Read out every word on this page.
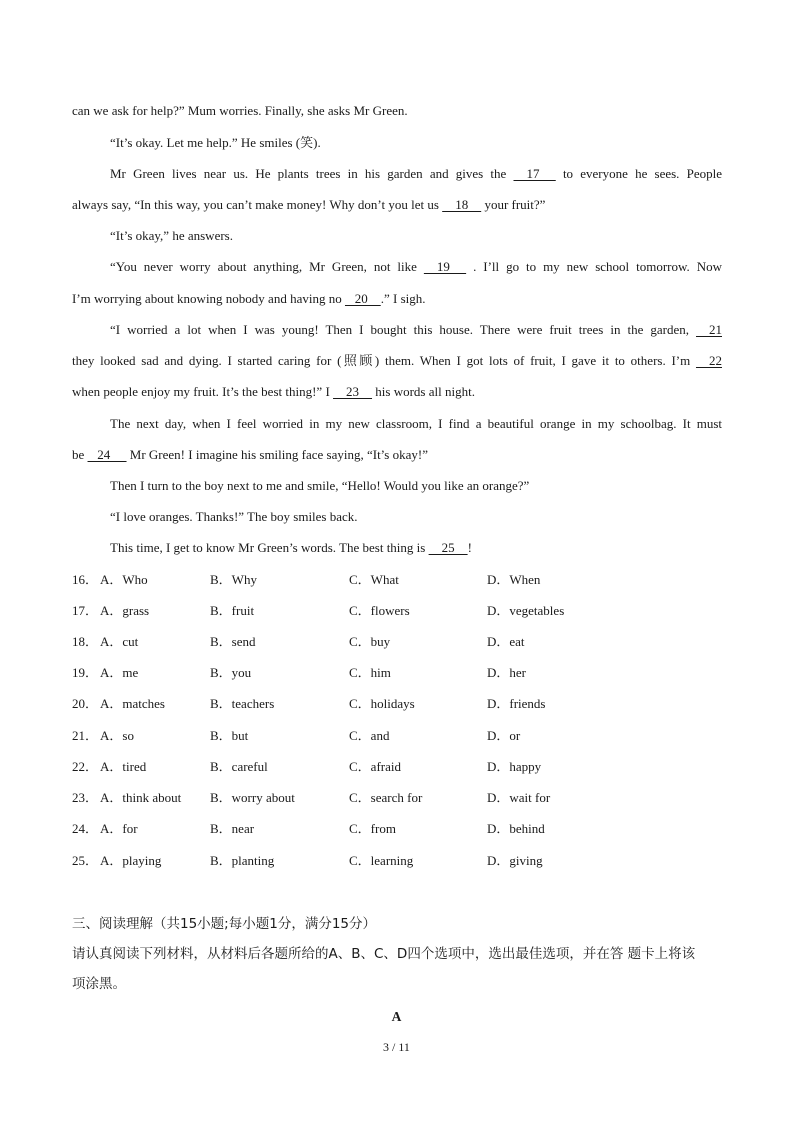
can we ask for help?” Mum worries. Finally, she asks Mr Green.
“It’s okay. Let me help.” He smiles (笑).
Mr Green lives near us. He plants trees in his garden and gives the     17      to everyone he sees. People
always say, “In this way, you can’t make money! Why don’t you let us     18     your fruit?”
“It’s okay,” he answers.
“You never worry about anything, Mr Green, not like     19      . I’ll go to my new school tomorrow. Now
I’m worrying about knowing nobody and having no    20    .” I sigh.
“I worried a lot when I was young! Then I bought this house. There were fruit trees in the garden,     21
they looked sad and dying. I started caring for (照顾) them. When I got lots of fruit, I gave it to others. I’m     22
when people enjoy my fruit. It’s the best thing!” I     23     his words all night.
The next day, when I feel worried in my new classroom, I find a beautiful orange in my schoolbag. It must
be    24      Mr Green! I imagine his smiling face saying, “It’s okay!”
Then I turn to the boy next to me and smile, “Hello! Would you like an orange?”
“I love oranges. Thanks!” The boy smiles back.
This time, I get to know Mr Green’s words. The best thing is     25    !
16． A．Who	B．Why	C．What	D．When
17． A．grass	B．fruit	C．flowers	D．vegetables
18． A．cut	B．send	C．buy	D．eat
19． A．me	B．you	C．him	D．her
20． A．matches	B．teachers	C．holidays	D．friends
21． A．so	B．but	C．and	D．or
22． A．tired	B．careful	C．afraid	D．happy
23． A．think about B．worry about	C．search for	D．wait for
24． A．for	B．near	C．from	D．behind
25． A．playing	B．planting	C．learning	D．giving
三、阅读理解（共15小题;每小题1分，满分15分）
请认真阅读下列材料，从材料后各题所给的A、B、C、D四个选项中，选出最佳选项，并在答 题卡上将该
项涂黑。
A
3 / 11
